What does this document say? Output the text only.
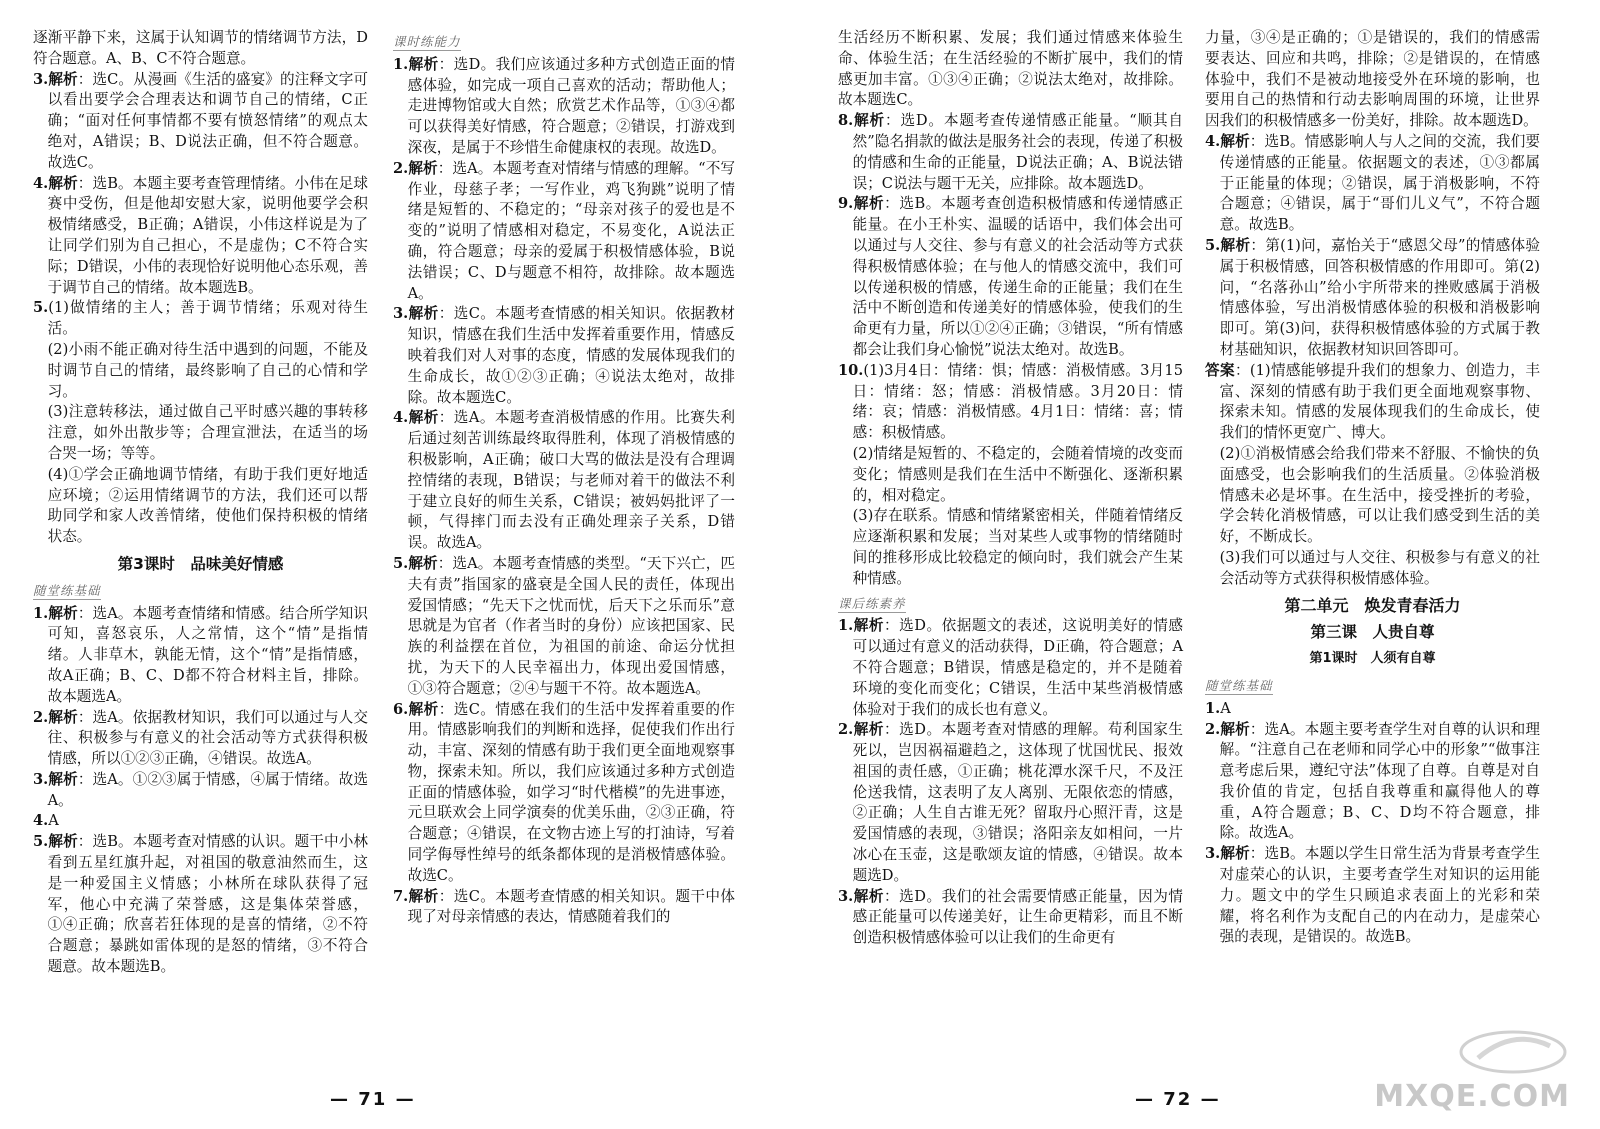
逐渐平静下来，这属于认知调节的情绪调节方法，D符合题意。A、B、C不符合题意。
3.解析：选C。从漫画《生活的盛宴》的注释文字可以看出要学会合理表达和调节自己的情绪，C正确；“面对任何事情都不要有愤怒情绪”的观点太绝对，A错误；B、D说法正确，但不符合题意。故选C。
4.解析：选B。本题主要考查管理情绪。小伟在足球赛中受伤，但是他却安慰大家，说明他要学会积极情绪感受，B正确；A错误，小伟这样说是为了让同学们别为自己担心，不是虚伪；C不符合实际；D错误，小伟的表现恰好说明他心态乐观，善于调节自己的情绪。故本题选B。
5.(1)做情绪的主人；善于调节情绪；乐观对待生活。
(2)小雨不能正确对待生活中遇到的问题，不能及时调节自己的情绪，最终影响了自己的心情和学习。
(3)注意转移法，通过做自己平时感兴趣的事转移注意，如外出散步等；合理宣泄法，在适当的场合哭一场；等等。
(4)①学会正确地调节情绪，有助于我们更好地适应环境；②运用情绪调节的方法，我们还可以帮助同学和家人改善情绪，使他们保持积极的情绪状态。
第3课时　品味美好情感
随堂练基础
1.解析：选A。本题考查情绪和情感。结合所学知识可知，喜怒哀乐，人之常情，这个“情”是指情绪。人非草木，孰能无情，这个“情”是指情感，故A正确；B、C、D都不符合材料主旨，排除。故本题选A。
2.解析：选A。依据教材知识，我们可以通过与人交往、积极参与有意义的社会活动等方式获得积极情感，所以①②③正确，④错误。故选A。
3.解析：选A。①②③属于情感，④属于情绪。故选A。
4.A
5.解析：选B。本题考查对情感的认识。题干中小林看到五星红旗升起，对祖国的敬意油然而生，这是一种爱国主义情感；小林所在球队获得了冠军，他心中充满了荣誉感，这是集体荣誉感，①④正确；欣喜若狂体现的是喜的情绪，②不符合题意；暴跳如雷体现的是怒的情绪，③不符合题意。故本题选B。
课时练能力
1.解析：选D。我们应该通过多种方式创造正面的情感体验，如完成一项自己喜欢的活动；帮助他人；走进博物馆或大自然；欣赏艺术作品等，①③④都可以获得美好情感，符合题意；②错误，打游戏到深夜，是属于不珍惜生命健康权的表现。故选D。
2.解析：选A。本题考查对情绪与情感的理解。“不写作业，母慈子孝；一写作业，鸡飞狗跳”说明了情绪是短暂的、不稳定的；“母亲对孩子的爱也是不变的”说明了情感相对稳定，不易变化，A说法正确，符合题意；母亲的爱属于积极情感体验，B说法错误；C、D与题意不相符，故排除。故本题选A。
3.解析：选C。本题考查情感的相关知识。依据教材知识，情感在我们生活中发挥着重要作用，情感反映着我们对人对事的态度，情感的发展体现我们的生命成长，故①②③正确；④说法太绝对，故排除。故本题选C。
4.解析：选A。本题考查消极情感的作用。比赛失利后通过刻苦训练最终取得胜利，体现了消极情感的积极影响，A正确；破口大骂的做法是没有合理调控情绪的表现，B错误；与老师对着干的做法不利于建立良好的师生关系，C错误；被妈妈批评了一顿，气得摔门而去没有正确处理亲子关系，D错误。故选A。
5.解析：选A。本题考查情感的类型。“天下兴亡，匹夫有责”指国家的盛衰是全国人民的责任，体现出爱国情感；“先天下之忧而忧，后天下之乐而乐”意思就是为官者（作者当时的身份）应该把国家、民族的利益摆在首位，为祖国的前途、命运分忧担扰，为天下的人民幸福出力，体现出爱国情感，①③符合题意；②④与题干不符。故本题选A。
6.解析：选C。情感在我们的生活中发挥着重要的作用。情感影响我们的判断和选择，促使我们作出行动，丰富、深刻的情感有助于我们更全面地观察事物，探索未知。所以，我们应该通过多种方式创造正面的情感体验，如学习“时代楷模”的先进事迹，元旦联欢会上同学演奏的优美乐曲，②③正确，符合题意；④错误，在文物古迹上写的打油诗，写着同学侮辱性绰号的纸条都体现的是消极情感体验。故选C。
7.解析：选C。本题考查情感的相关知识。题干中体现了对母亲情感的表达，情感随着我们的
— 71 —
生活经历不断积累、发展；我们通过情感来体验生命、体验生活；在生活经验的不断扩展中，我们的情感更加丰富。①③④正确；②说法太绝对，故排除。故本题选C。
8.解析：选D。本题考查传递情感正能量。“顺其自然”隐名捐款的做法是服务社会的表现，传递了积极的情感和生命的正能量，D说法正确；A、B说法错误；C说法与题干无关，应排除。故本题选D。
9.解析：选B。本题考查创造积极情感和传递情感正能量。在小王朴实、温暖的话语中，我们体会出可以通过与人交往、参与有意义的社会活动等方式获得积极情感体验；在与他人的情感交流中，我们可以传递积极的情感，传递生命的正能量；我们在生活中不断创造和传递美好的情感体验，使我们的生命更有力量，所以①②④正确；③错误，“所有情感都会让我们身心愉悦”说法太绝对。故选B。
10.(1)3月4日：情绪：惧；情感：消极情感。3月15日：情绪：怒；情感：消极情感。3月20日：情绪：哀；情感：消极情感。4月1日：情绪：喜；情感：积极情感。
(2)情绪是短暂的、不稳定的，会随着情境的改变而变化；情感则是我们在生活中不断强化、逐渐积累的，相对稳定。
(3)存在联系。情感和情绪紧密相关，伴随着情绪反应逐渐积累和发展；当对某些人或事物的情绪随时间的推移形成比较稳定的倾向时，我们就会产生某种情感。
课后练素养
1.解析：选D。依据题文的表述，这说明美好的情感可以通过有意义的活动获得，D正确，符合题意；A不符合题意；B错误，情感是稳定的，并不是随着环境的变化而变化；C错误，生活中某些消极情感体验对于我们的成长也有意义。
2.解析：选D。本题考查对情感的理解。苟利国家生死以，岂因祸福避趋之，这体现了忧国忧民、报效祖国的责任感，①正确；桃花潭水深千尺，不及汪伦送我情，这表明了友人离别、无限依恋的情感，②正确；人生自古谁无死？留取丹心照汗青，这是爱国情感的表现，③错误；洛阳亲友如相问，一片冰心在玉壶，这是歌颂友谊的情感，④错误。故本题选D。
3.解析：选D。我们的社会需要情感正能量，因为情感正能量可以传递美好，让生命更精彩，而且不断创造积极情感体验可以让我们的生命更有
力量，③④是正确的；①是错误的，我们的情感需要表达、回应和共鸣，排除；②是错误的，在情感体验中，我们不是被动地接受外在环境的影响，也要用自己的热情和行动去影响周围的环境，让世界因我们的积极情感多一份美好，排除。故本题选D。
4.解析：选B。情感影响人与人之间的交流，我们要传递情感的正能量。依据题文的表述，①③都属于正能量的体现；②错误，属于消极影响，不符合题意；④错误，属于“哥们儿义气”，不符合题意。故选B。
5.解析：第(1)问，嘉怡关于“感恩父母”的情感体验属于积极情感，回答积极情感的作用即可。第(2)问，“名落孙山”给小宇所带来的挫败感属于消极情感体验，写出消极情感体验的积极和消极影响即可。第(3)问，获得积极情感体验的方式属于教材基础知识，依据教材知识回答即可。
答案：(1)情感能够提升我们的想象力、创造力，丰富、深刻的情感有助于我们更全面地观察事物、探索未知。情感的发展体现我们的生命成长，使我们的情怀更宽广、博大。
(2)①消极情感会给我们带来不舒服、不愉快的负面感受，也会影响我们的生活质量。②体验消极情感未必是坏事。在生活中，接受挫折的考验，学会转化消极情感，可以让我们感受到生活的美好，不断成长。
(3)我们可以通过与人交往、积极参与有意义的社会活动等方式获得积极情感体验。
第二单元　焕发青春活力
第三课　人贵自尊
第1课时　人须有自尊
随堂练基础
1.A
2.解析：选A。本题主要考查学生对自尊的认识和理解。“注意自己在老师和同学心中的形象”“做事注意考虑后果，遵纪守法”体现了自尊。自尊是对自我价值的肯定，包括自我尊重和赢得他人的尊重，A符合题意；B、C、D均不符合题意，排除。故选A。
3.解析：选B。本题以学生日常生活为背景考查学生对虚荣心的认识，主要考查学生对知识的运用能力。题文中的学生只顾追求表面上的光彩和荣耀，将名利作为支配自己的内在动力，是虚荣心强的表现，是错误的。故选B。
— 72 —	MXQE.COM
